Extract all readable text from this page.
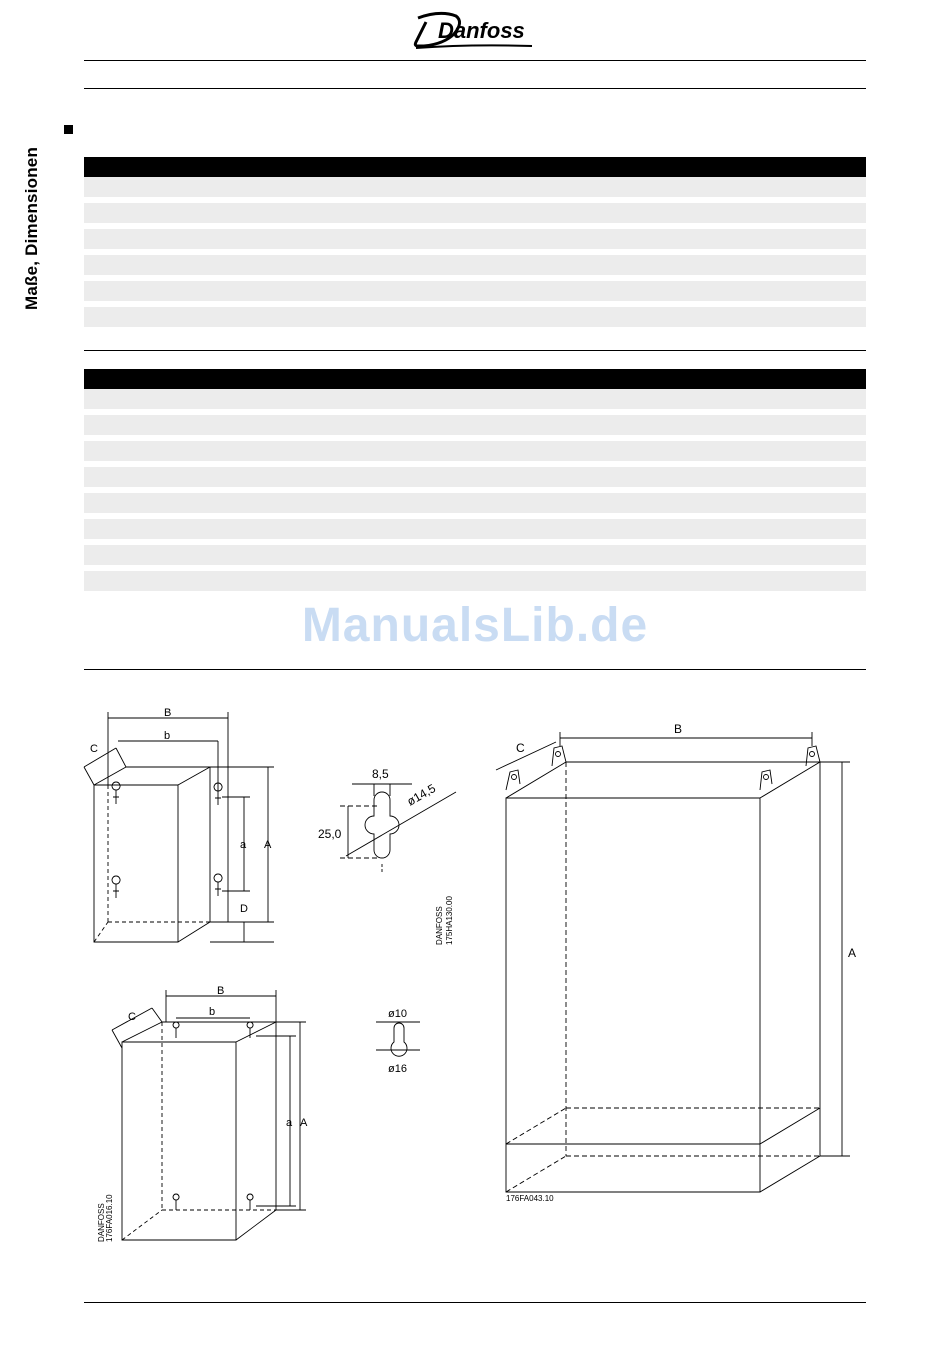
Danfoss
Maße, Dimensionen
ManualsLib.de
B
b
C
A
a
D
8,5
ø14,5
25,0
DANFOSS 175HA130.00
B
b
C
A
a
DANFOSS 176FA016.10
ø10
ø16
B
C
A
176FA043.10
